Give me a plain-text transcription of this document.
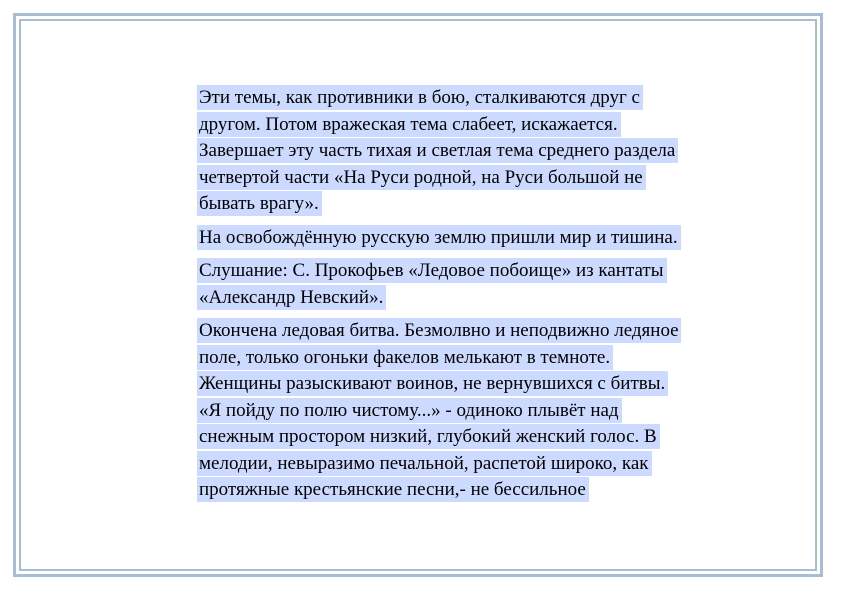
Эти темы, как противники в бою, сталкиваются друг с другом. Потом вражеская тема слабеет, искажается. Завершает эту часть тихая и светлая тема среднего раздела четвертой части «На Руси родной, на Руси большой не бывать врагу».

На освобождённую русскую землю пришли мир и тишина.

Слушание: С. Прокофьев «Ледовое побоище» из кантаты «Александр Невский».

Окончена ледовая битва. Безмолвно и неподвижно ледяное поле, только огоньки факелов мелькают в темноте. Женщины разыскивают воинов, не вернувшихся с битвы. «Я пойду по полю чистому...» - одиноко плывёт над снежным простором низкий, глубокий женский голос. В мелодии, невыразимо печальной, распетой широко, как протяжные крестьянские песни,- не бессильное
